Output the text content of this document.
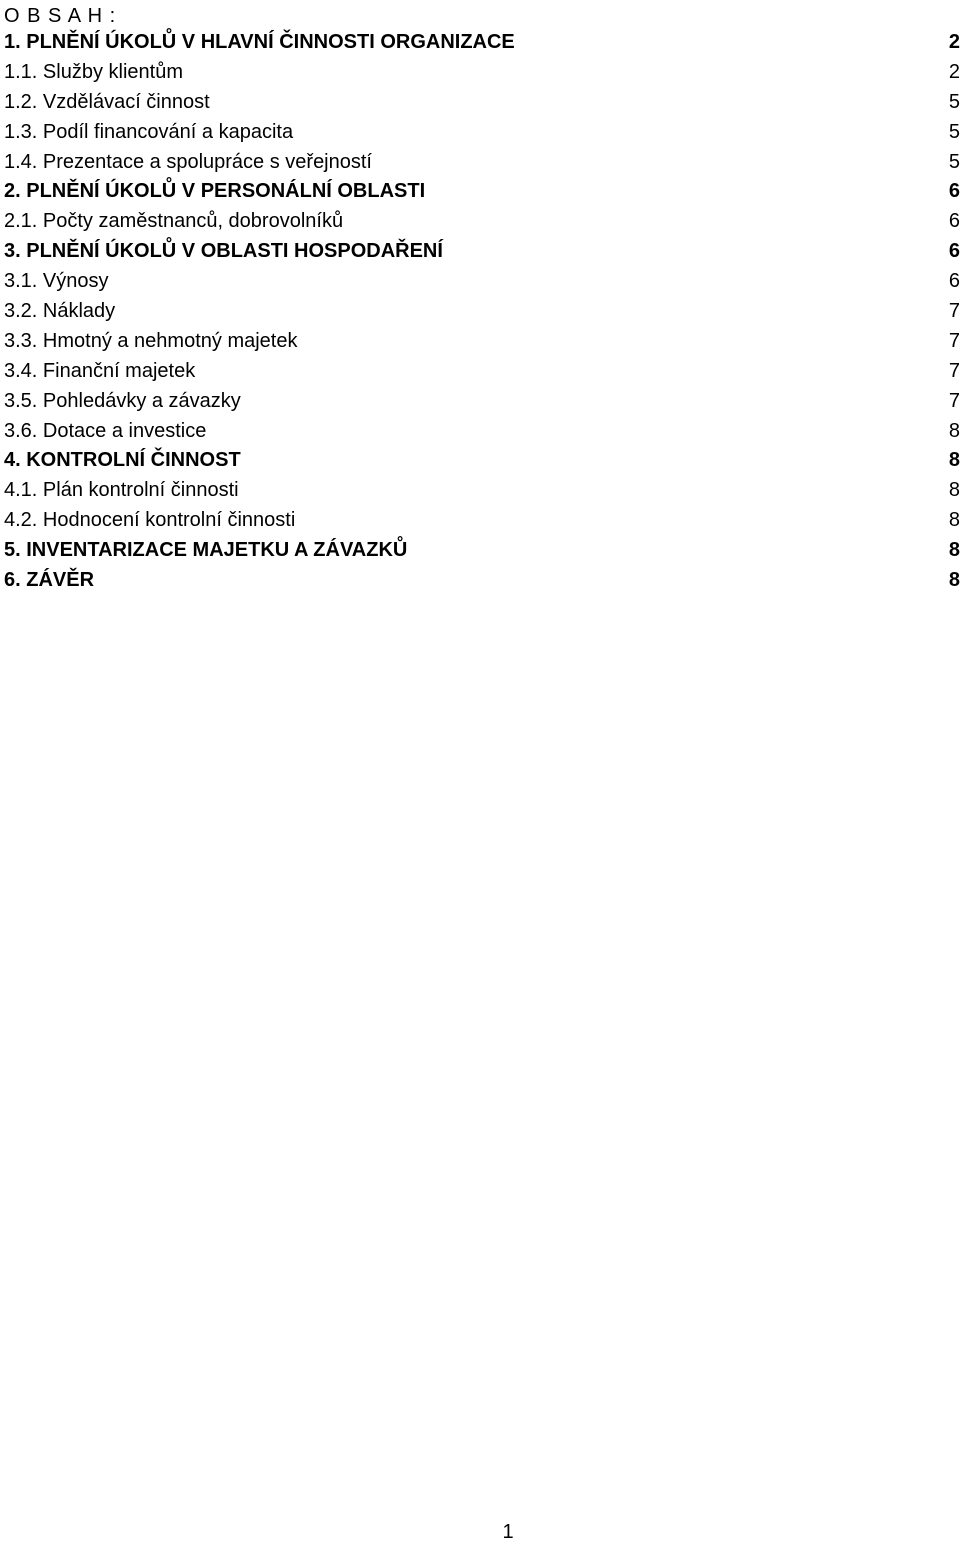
O B S A H :
1. PLNĚNÍ ÚKOLŮ V HLAVNÍ ČINNOSTI ORGANIZACE	2
1.1. Služby klientům	2
1.2. Vzdělávací činnost	5
1.3. Podíl financování a kapacita	5
1.4. Prezentace a spolupráce s veřejností	5
2. PLNĚNÍ ÚKOLŮ V PERSONÁLNÍ OBLASTI	6
2.1. Počty zaměstnanců, dobrovolníků	6
3. PLNĚNÍ ÚKOLŮ V OBLASTI HOSPODAŘENÍ	6
3.1. Výnosy	6
3.2. Náklady	7
3.3. Hmotný a nehmotný majetek	7
3.4. Finanční majetek	7
3.5. Pohledávky a závazky	7
3.6. Dotace a investice	8
4. KONTROLNÍ ČINNOST	8
4.1. Plán kontrolní činnosti	8
4.2. Hodnocení kontrolní činnosti	8
5. INVENTARIZACE MAJETKU A ZÁVAZKŮ	8
6. ZÁVĚR	8
1
